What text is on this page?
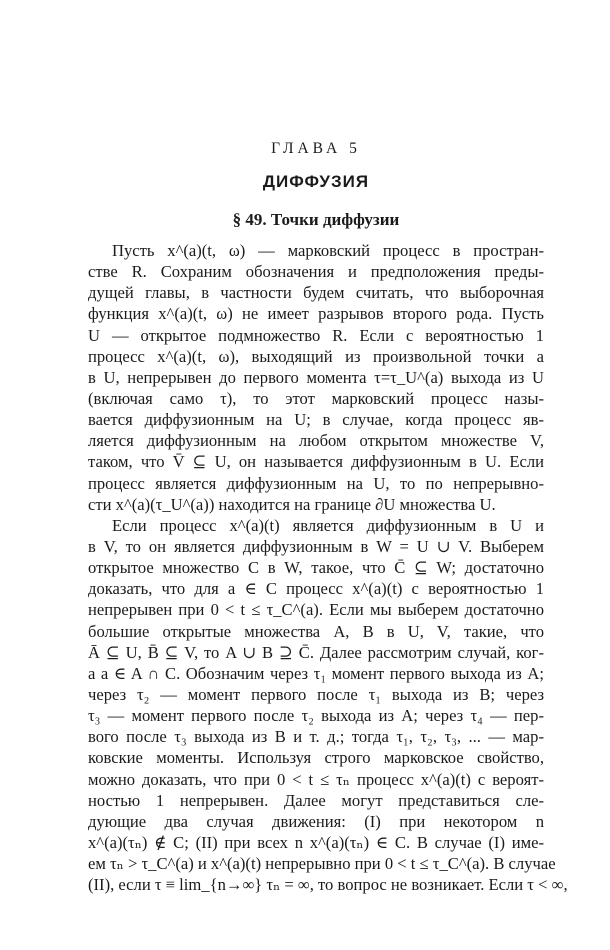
ГЛАВА 5
ДИФФУЗИЯ
§ 49. Точки диффузии
Пусть x^(a)(t, ω) — марковский процесс в простран-
стве R. Сохраним обозначения и предположения преды-
дущей главы, в частности будем считать, что выборочная
функция x^(a)(t, ω) не имеет разрывов второго рода. Пусть
U — открытое подмножество R. Если с вероятностью 1
процесс x^(a)(t, ω), выходящий из произвольной точки a
в U, непрерывен до первого момента τ=τ_U^(a) выхода из U
(включая само τ), то этот марковский процесс назы-
вается диффузионным на U; в случае, когда процесс яв-
ляется диффузионным на любом открытом множестве V,
таком, что V̄ ⊆ U, он называется диффузионным в U. Если
процесс является диффузионным на U, то по непрерывно-
сти x^(a)(τ_U^(a)) находится на границе ∂U множества U.
Если процесс x^(a)(t) является диффузионным в U и
в V, то он является диффузионным в W = U ∪ V. Выберем
открытое множество C в W, такое, что C̄ ⊆ W; достаточно
доказать, что для a ∈ C процесс x^(a)(t) с вероятностью 1
непрерывен при 0 < t ≤ τ_C^(a). Если мы выберем достаточно
большие открытые множества A, B в U, V, такие, что
Ā ⊆ U, B̄ ⊆ V, то A ∪ B ⊇ C̄. Далее рассмотрим случай, ког-
а a ∈ A ∩ C. Обозначим через τ₁ момент первого выхода из A;
через τ₂ — момент первого после τ₁ выхода из B; через
τ₃ — момент первого после τ₂ выхода из A; через τ₄ — пер-
вого после τ₃ выхода из B и т. д.; тогда τ₁, τ₂, τ₃, ... — мар-
ковские моменты. Используя строго марковское свойство,
можно доказать, что при 0 < t ≤ τₙ процесс x^(a)(t) с вероят-
ностью 1 непрерывен. Далее могут представиться сле-
дующие два случая движения: (I) при некотором n
x^(a)(τₙ) ∉ C; (II) при всех n x^(a)(τₙ) ∈ C. В случае (I) име-
ем τₙ > τ_C^(a) и x^(a)(t) непрерывно при 0 < t ≤ τ_C^(a). В случае
(II), если τ ≡ lim_{n→∞} τₙ = ∞, то вопрос не возникает. Если τ < ∞,
